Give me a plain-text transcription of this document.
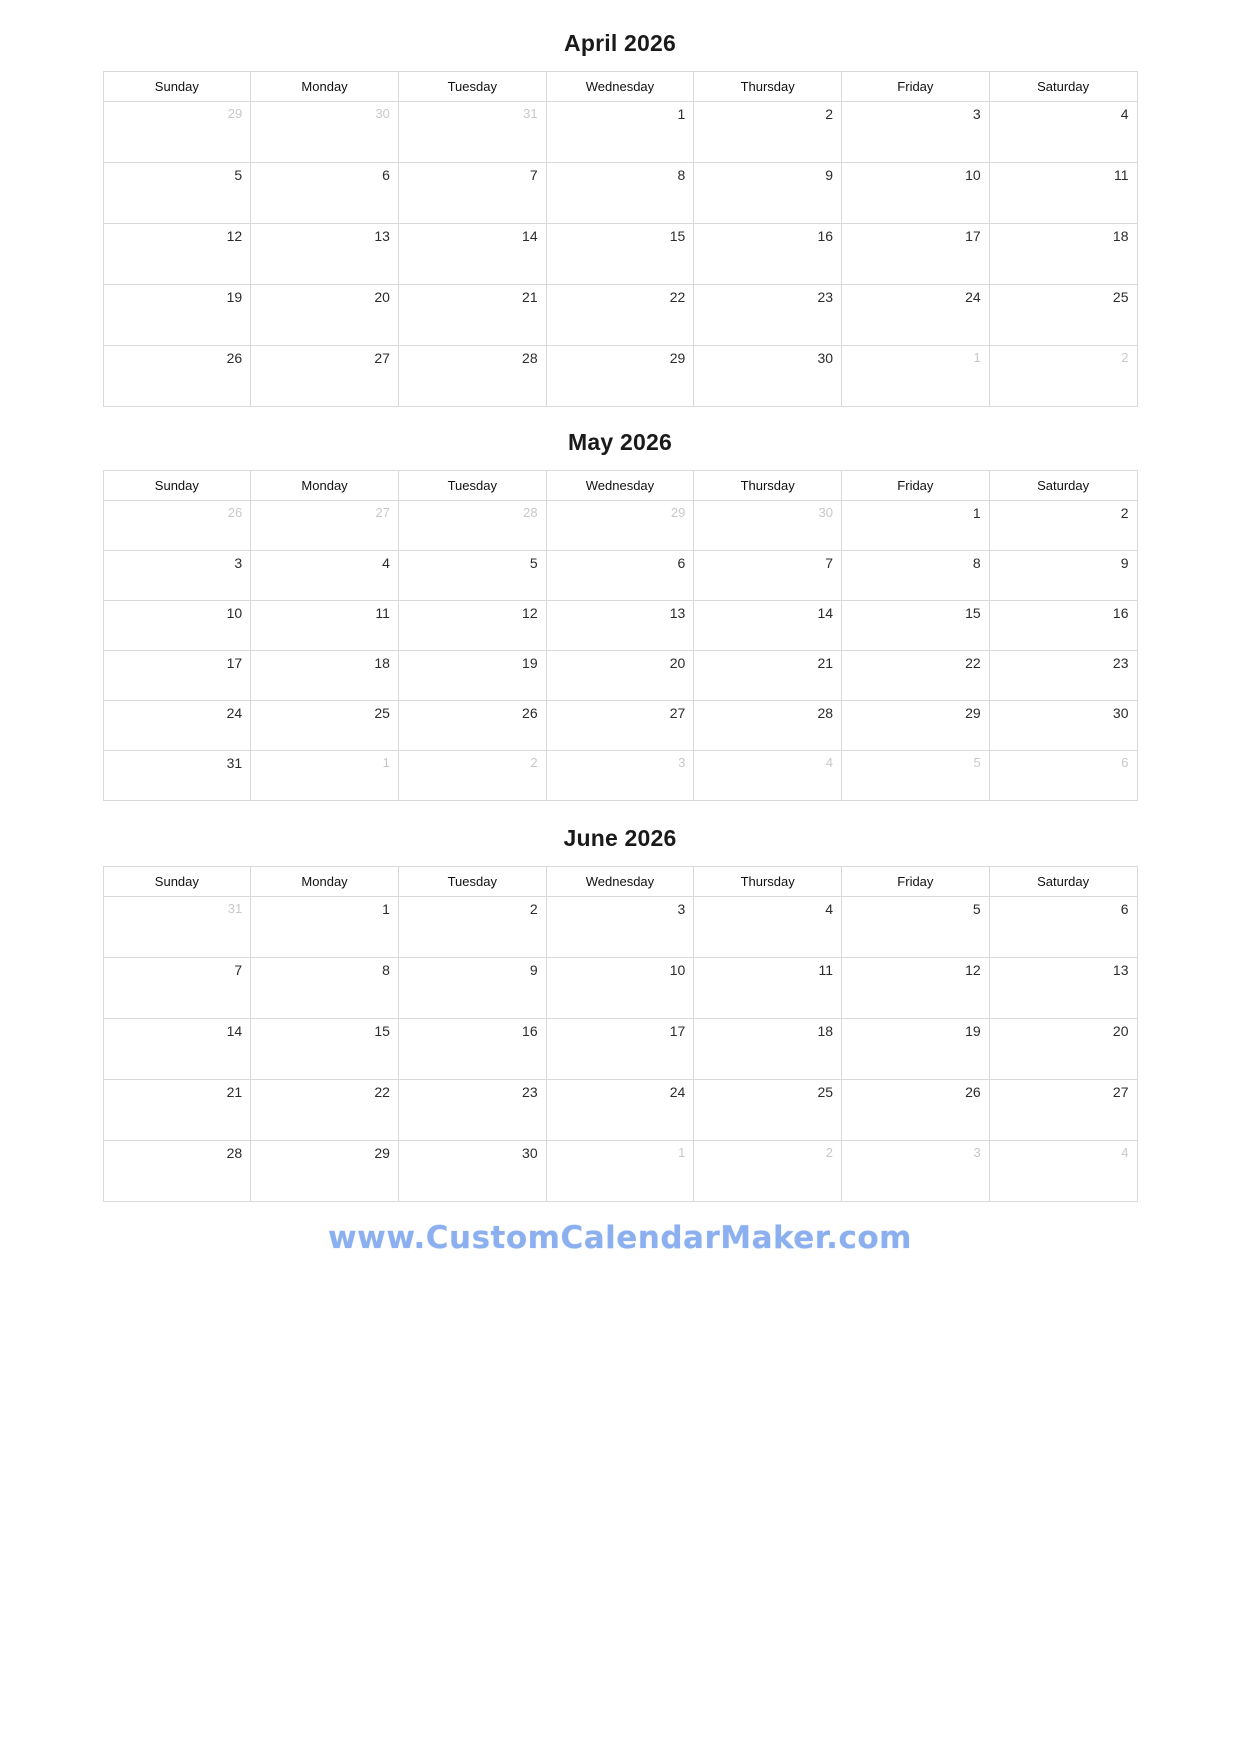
April 2026
Sunday	Monday	Tuesday	Wednesday	Thursday	Friday	Saturday
29	30	31	1	2	3	4
5	6	7	8	9	10	11
12	13	14	15	16	17	18
19	20	21	22	23	24	25
26	27	28	29	30	1	2
May 2026
Sunday	Monday	Tuesday	Wednesday	Thursday	Friday	Saturday
26	27	28	29	30	1	2
3	4	5	6	7	8	9
10	11	12	13	14	15	16
17	18	19	20	21	22	23
24	25	26	27	28	29	30
31	1	2	3	4	5	6
June 2026
Sunday	Monday	Tuesday	Wednesday	Thursday	Friday	Saturday
31	1	2	3	4	5	6
7	8	9	10	11	12	13
14	15	16	17	18	19	20
21	22	23	24	25	26	27
28	29	30	1	2	3	4
www.CustomCalendarMaker.com
